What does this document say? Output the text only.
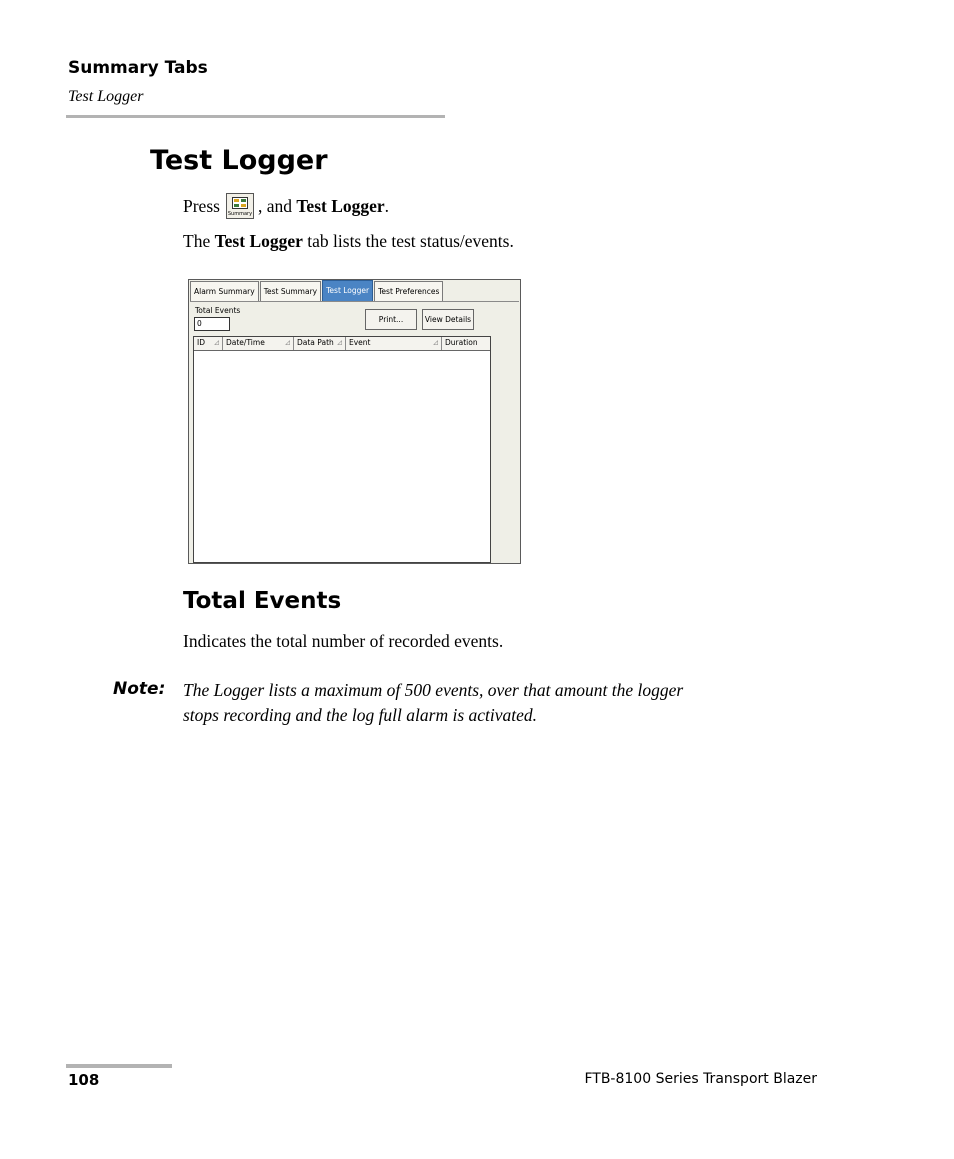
Summary Tabs
Test Logger
Test Logger
Press Summary , and Test Logger.
The Test Logger tab lists the test status/events.
Alarm Summary	Test Summary	Test Logger	Test Preferences
Total Events
0	Print...	View Details
ID ◿ Date/Time	◿ Data Path ◿ Event	◿ Duration
Total Events
Indicates the total number of recorded events.
Note: The Logger lists a maximum of 500 events, over that amount the logger
stops recording and the log full alarm is activated.
108	FTB-8100 Series Transport Blazer
